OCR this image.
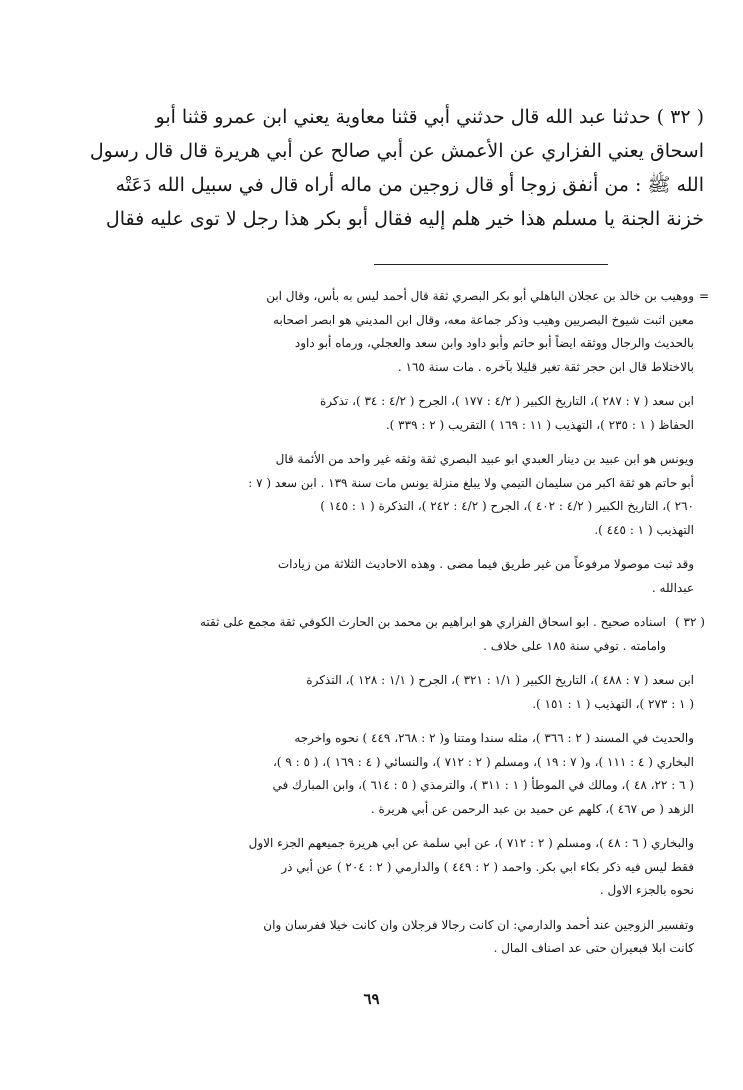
( ٣٢ ) حدثنا عبد الله قال حدثني أبي قثنا معاوية يعني ابن عمرو قثنا أبو
اسحاق يعني الفزاري عن الأعمش عن أبي صالح عن أبي هريرة قال قال رسول
الله ﷺ : من أنفق زوجا أو قال زوجين من ماله أراه قال في سبيل الله دَعَتْه
خزنة الجنة يا مسلم هذا خير هلم إليه فقال أبو بكر هذا رجل لا توى عليه فقال
=
ووهيب بن خالد بن عجلان الباهلي أبو بكر البصري ثقة قال أحمد ليس به بأس، وقال ابن
معين اثبت شيوخ البصريين وهيب وذكر جماعة معه، وقال ابن المديني هو ابصر اصحابه
بالحديث والرجال ووثقه ايضاً أبو حاتم وأبو داود وابن سعد والعجلي، ورماه أبو داود
بالاختلاط قال ابن حجر ثقة تغير قليلا بآخره . مات سنة ١٦٥ .
ابن سعد ( ٧ : ٢٨٧ )، التاريخ الكبير ( ٤/٢ : ١٧٧ )، الجرح ( ٤/٢ : ٣٤ )، تذكرة
الحفاظ ( ١ : ٢٣٥ )، التهذيب ( ١١ : ١٦٩ ) التقريب ( ٢ : ٣٣٩ ).
ويونس هو ابن عبيد بن دينار العبدي ابو عبيد البصري ثقة وثقه غير واحد من الأئمة قال
أبو حاتم هو ثقة اكبر من سليمان التيمي ولا يبلغ منزلة يونس مات سنة ١٣٩ . ابن سعد ( ٧ :
٢٦٠ )، التاريخ الكبير ( ٤/٢ : ٤٠٢ )، الجرح ( ٤/٢ : ٢٤٢ )، التذكرة ( ١ : ١٤٥ )
التهذيب ( ١ : ٤٤٥ ).
وقد ثبت موصولا مرفوعاً من غير طريق فيما مضى . وهذه الاحاديث الثلاثة من زيادات
عبدالله .
( ٣٢ )
اسناده صحيح . ابو اسحاق الفزاري هو ابراهيم بن محمد بن الحارث الكوفي ثقة مجمع على ثقته
وامامته . توفي سنة ١٨٥ على خلاف .
ابن سعد ( ٧ : ٤٨٨ )، التاريخ الكبير ( ١/١ : ٣٢١ )، الجرح ( ١/١ : ١٢٨ )، التذكرة
( ١ : ٢٧٣ )، التهذيب ( ١ : ١٥١ ).
والحديث في المسند ( ٢ : ٣٦٦ )، مثله سندا ومتنا و( ٢ : ٢٦٨، ٤٤٩ ) نحوه واخرجه
البخاري ( ٤ : ١١١ )، و( ٧ : ١٩ )، ومسلم ( ٢ : ٧١٢ )، والنسائي ( ٤ : ١٦٩ )، ( ٥ : ٩ )،
( ٦ : ٢٢، ٤٨ )، ومالك في الموطأ ( ١ : ٣١١ )، والترمذي ( ٥ : ٦١٤ )، وابن المبارك في
الزهد ( ص ٤٦٧ )، كلهم عن حميد بن عبد الرحمن عن أبي هريرة .
والبخاري ( ٦ : ٤٨ )، ومسلم ( ٢ : ٧١٢ )، عن ابي سلمة عن ابي هريرة جميعهم الجزء الاول
فقط ليس فيه ذكر بكاء ابي بكر. واحمد ( ٢ : ٤٤٩ ) والدارمي ( ٢ : ٢٠٤ ) عن أبي ذر
نحوه بالجزء الاول .
وتفسير الزوجين عند أحمد والدارمي: ان كانت رجالا فرجلان وان كانت خيلا ففرسان وان
كانت ابلا فبعيران حتى عد اصناف المال .
٦٩
